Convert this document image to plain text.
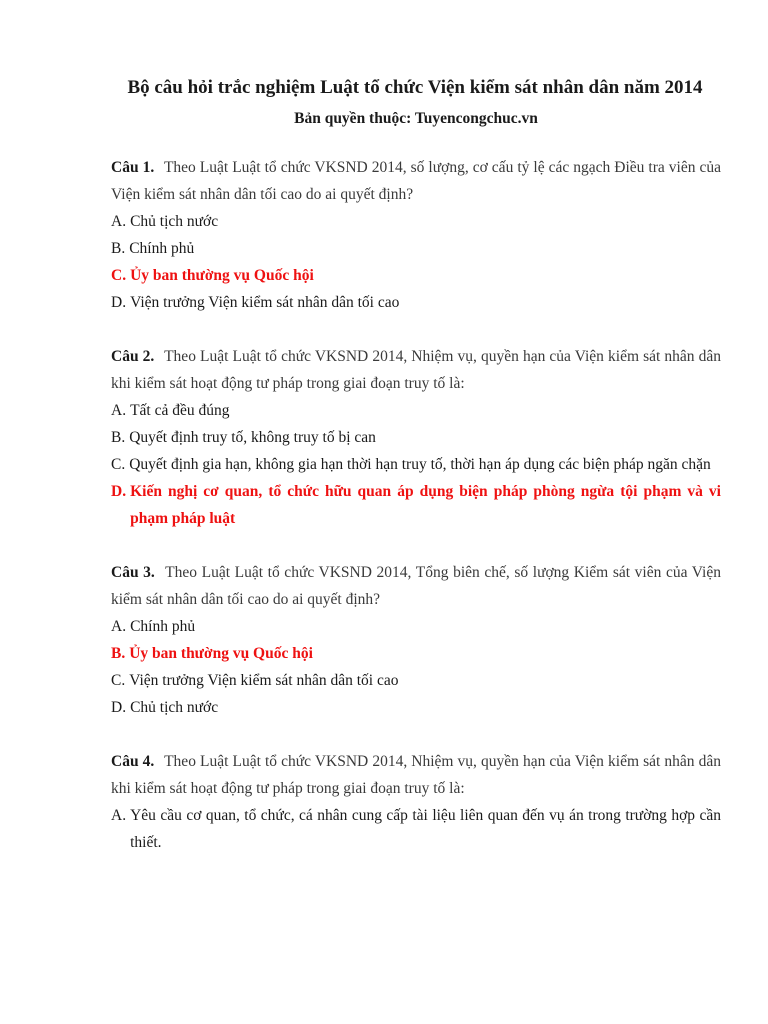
Bộ câu hỏi trắc nghiệm Luật tổ chức Viện kiểm sát nhân dân năm 2014
Bản quyền thuộc: Tuyencongchuc.vn

Câu 1. Theo Luật Luật tổ chức VKSND 2014, số lượng, cơ cấu tỷ lệ các ngạch Điều tra viên của Viện kiểm sát nhân dân tối cao do ai quyết định?

A. Chủ tịch nước
B. Chính phủ
C. Ủy ban thường vụ Quốc hội
D. Viện trưởng Viện kiểm sát nhân dân tối cao

Câu 2. Theo Luật Luật tổ chức VKSND 2014, Nhiệm vụ, quyền hạn của Viện kiểm sát nhân dân khi kiểm sát hoạt động tư pháp trong giai đoạn truy tố là:

A. Tất cả đều đúng
B. Quyết định truy tố, không truy tố bị can
C. Quyết định gia hạn, không gia hạn thời hạn truy tố, thời hạn áp dụng các biện pháp ngăn chặn
D. Kiến nghị cơ quan, tổ chức hữu quan áp dụng biện pháp phòng ngừa tội phạm và vi phạm pháp luật

Câu 3. Theo Luật Luật tổ chức VKSND 2014, Tổng biên chế, số lượng Kiểm sát viên của Viện kiểm sát nhân dân tối cao do ai quyết định?

A. Chính phủ
B. Ủy ban thường vụ Quốc hội
C. Viện trưởng Viện kiểm sát nhân dân tối cao
D. Chủ tịch nước

Câu 4. Theo Luật Luật tổ chức VKSND 2014, Nhiệm vụ, quyền hạn của Viện kiểm sát nhân dân khi kiểm sát hoạt động tư pháp trong giai đoạn truy tố là:

A. Yêu cầu cơ quan, tổ chức, cá nhân cung cấp tài liệu liên quan đến vụ án trong trường hợp cần thiết.
